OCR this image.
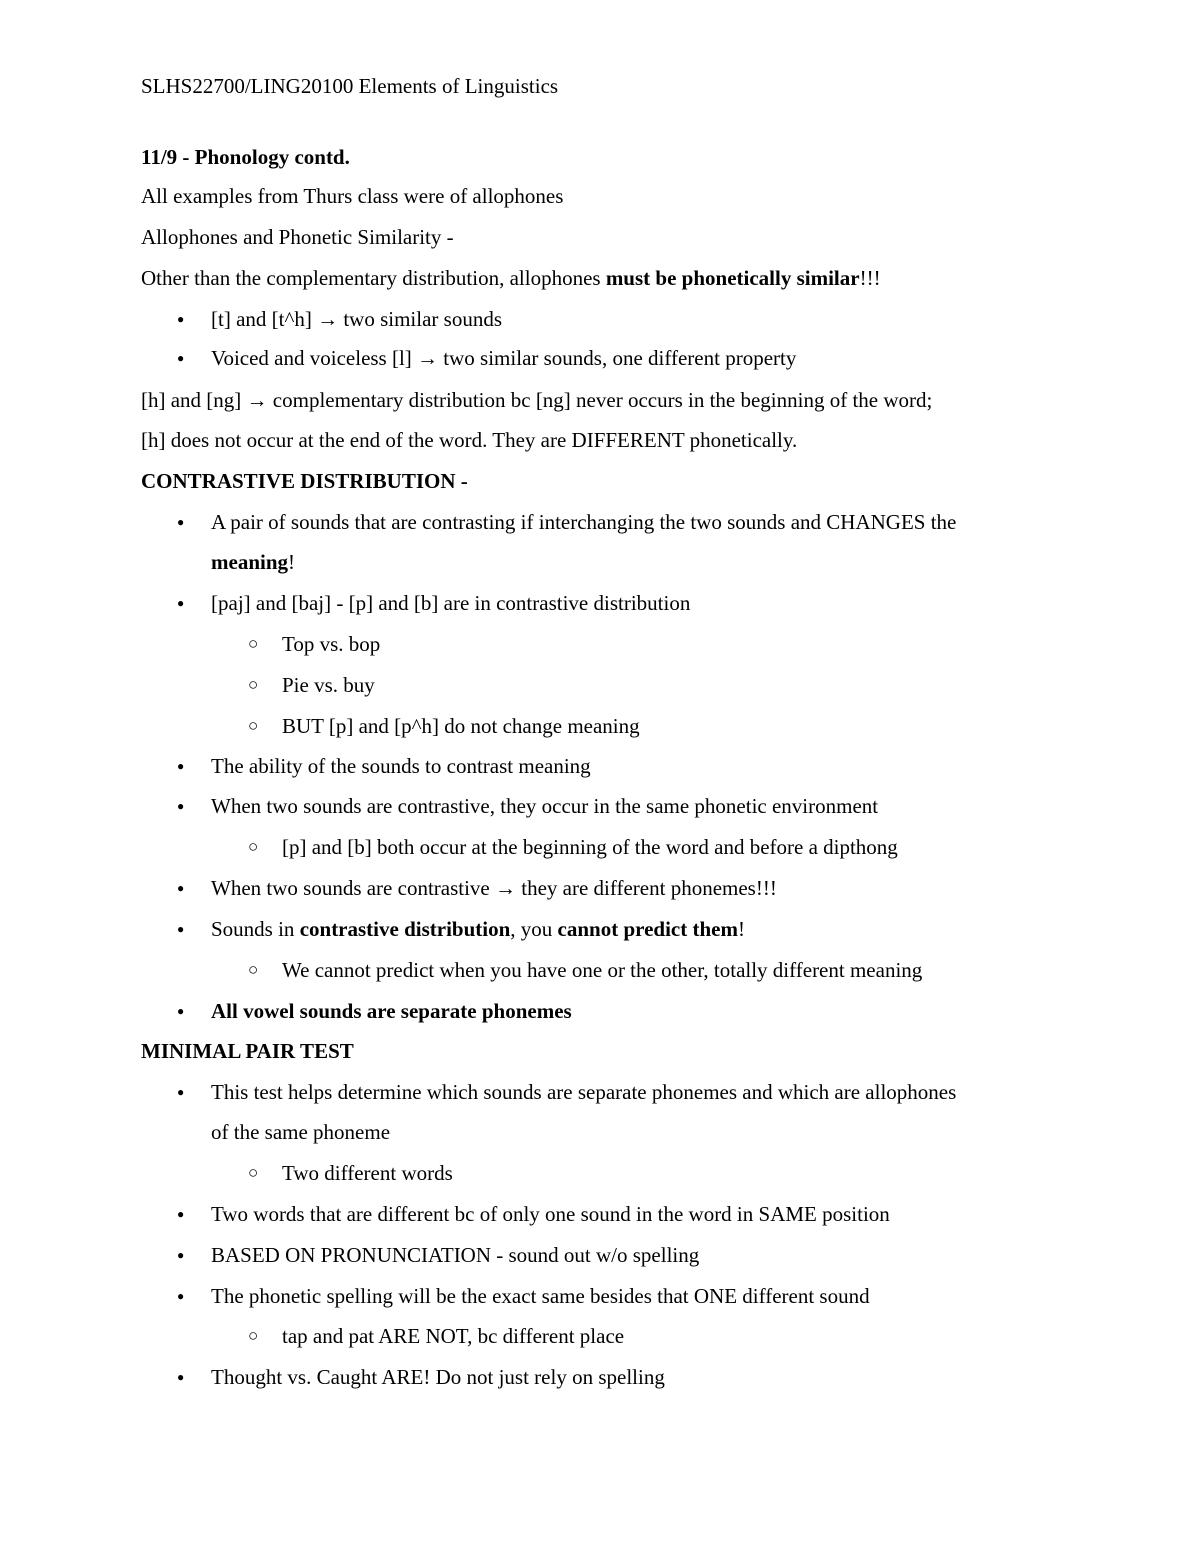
SLHS22700/LING20100 Elements of Linguistics
11/9 - Phonology contd.
All examples from Thurs class were of allophones
Allophones and Phonetic Similarity -
Other than the complementary distribution, allophones must be phonetically similar!!!
● [t] and [t^h] → two similar sounds
● Voiced and voiceless [l] → two similar sounds, one different property
[h] and [ng] → complementary distribution bc [ng] never occurs in the beginning of the word;
[h] does not occur at the end of the word. They are DIFFERENT phonetically.
CONTRASTIVE DISTRIBUTION -
● A pair of sounds that are contrasting if interchanging the two sounds and CHANGES the
meaning!
● [paj] and [baj] - [p] and [b] are in contrastive distribution
○ Top vs. bop
○ Pie vs. buy
○ BUT [p] and [p^h] do not change meaning
● The ability of the sounds to contrast meaning
● When two sounds are contrastive, they occur in the same phonetic environment
○ [p] and [b] both occur at the beginning of the word and before a dipthong
● When two sounds are contrastive → they are different phonemes!!!
● Sounds in contrastive distribution, you cannot predict them!
○ We cannot predict when you have one or the other, totally different meaning
● All vowel sounds are separate phonemes
MINIMAL PAIR TEST
● This test helps determine which sounds are separate phonemes and which are allophones
of the same phoneme
○ Two different words
● Two words that are different bc of only one sound in the word in SAME position
● BASED ON PRONUNCIATION - sound out w/o spelling
● The phonetic spelling will be the exact same besides that ONE different sound
○ tap and pat ARE NOT, bc different place
● Thought vs. Caught ARE! Do not just rely on spelling
